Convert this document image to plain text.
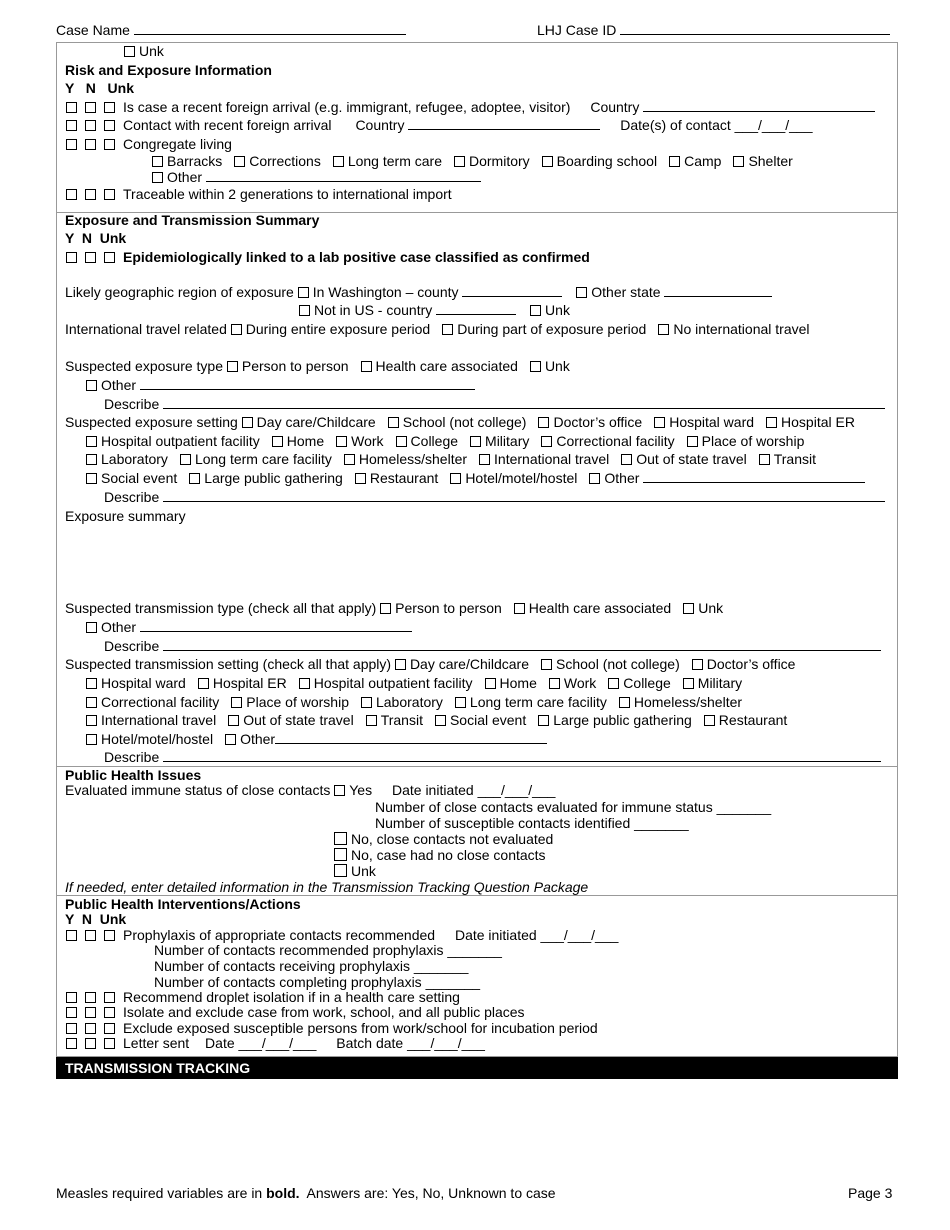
Case Name	LHJ Case ID
Unk
Risk and Exposure Information
Y   N   Unk
Is case a recent foreign arrival (e.g. immigrant, refugee, adoptee, visitor) Country
Contact with recent foreign arrival Country	Date(s) of contact ___/___/___
Congregate living
Barracks Corrections Long term care Dormitory Boarding school Camp Shelter
Other
Traceable within 2 generations to international import
Exposure and Transmission Summary
Y  N  Unk
Epidemiologically linked to a lab positive case classified as confirmed
Likely geographic region of exposure In Washington – county	Other state
Not in US - country	Unk
International travel related During entire exposure period During part of exposure period No international travel
Suspected exposure type Person to person Health care associated Unk
Other
Describe
Suspected exposure setting Day care/Childcare School (not college) Doctor’s office Hospital ward Hospital ER
Hospital outpatient facility Home Work College Military Correctional facility Place of worship
Laboratory Long term care facility Homeless/shelter International travel Out of state travel Transit
Social event Large public gathering Restaurant Hotel/motel/hostel Other
Describe
Exposure summary
Suspected transmission type (check all that apply) Person to person Health care associated Unk
Other
Describe
Suspected transmission setting (check all that apply) Day care/Childcare School (not college) Doctor’s office
Hospital ward Hospital ER Hospital outpatient facility Home Work College Military
Correctional facility Place of worship Laboratory Long term care facility Homeless/shelter
International travel Out of state travel Transit Social event Large public gathering Restaurant
Hotel/motel/hostel Other
Describe
Public Health Issues
Evaluated immune status of close contacts Yes Date initiated ___/___/___
Number of close contacts evaluated for immune status _______
Number of susceptible contacts identified _______
No, close contacts not evaluated
No, case had no close contacts
Unk
If needed, enter detailed information in the Transmission Tracking Question Package
Public Health Interventions/Actions
Y  N  Unk
Prophylaxis of appropriate contacts recommended Date initiated ___/___/___
Number of contacts recommended prophylaxis _______
Number of contacts receiving prophylaxis _______
Number of contacts completing prophylaxis _______
Recommend droplet isolation if in a health care setting
Isolate and exclude case from work, school, and all public places
Exclude exposed susceptible persons from work/school for incubation period
Letter sent Date ___/___/___ Batch date ___/___/___
TRANSMISSION TRACKING
Measles required variables are in bold.  Answers are: Yes, No, Unknown to case	Page 3
